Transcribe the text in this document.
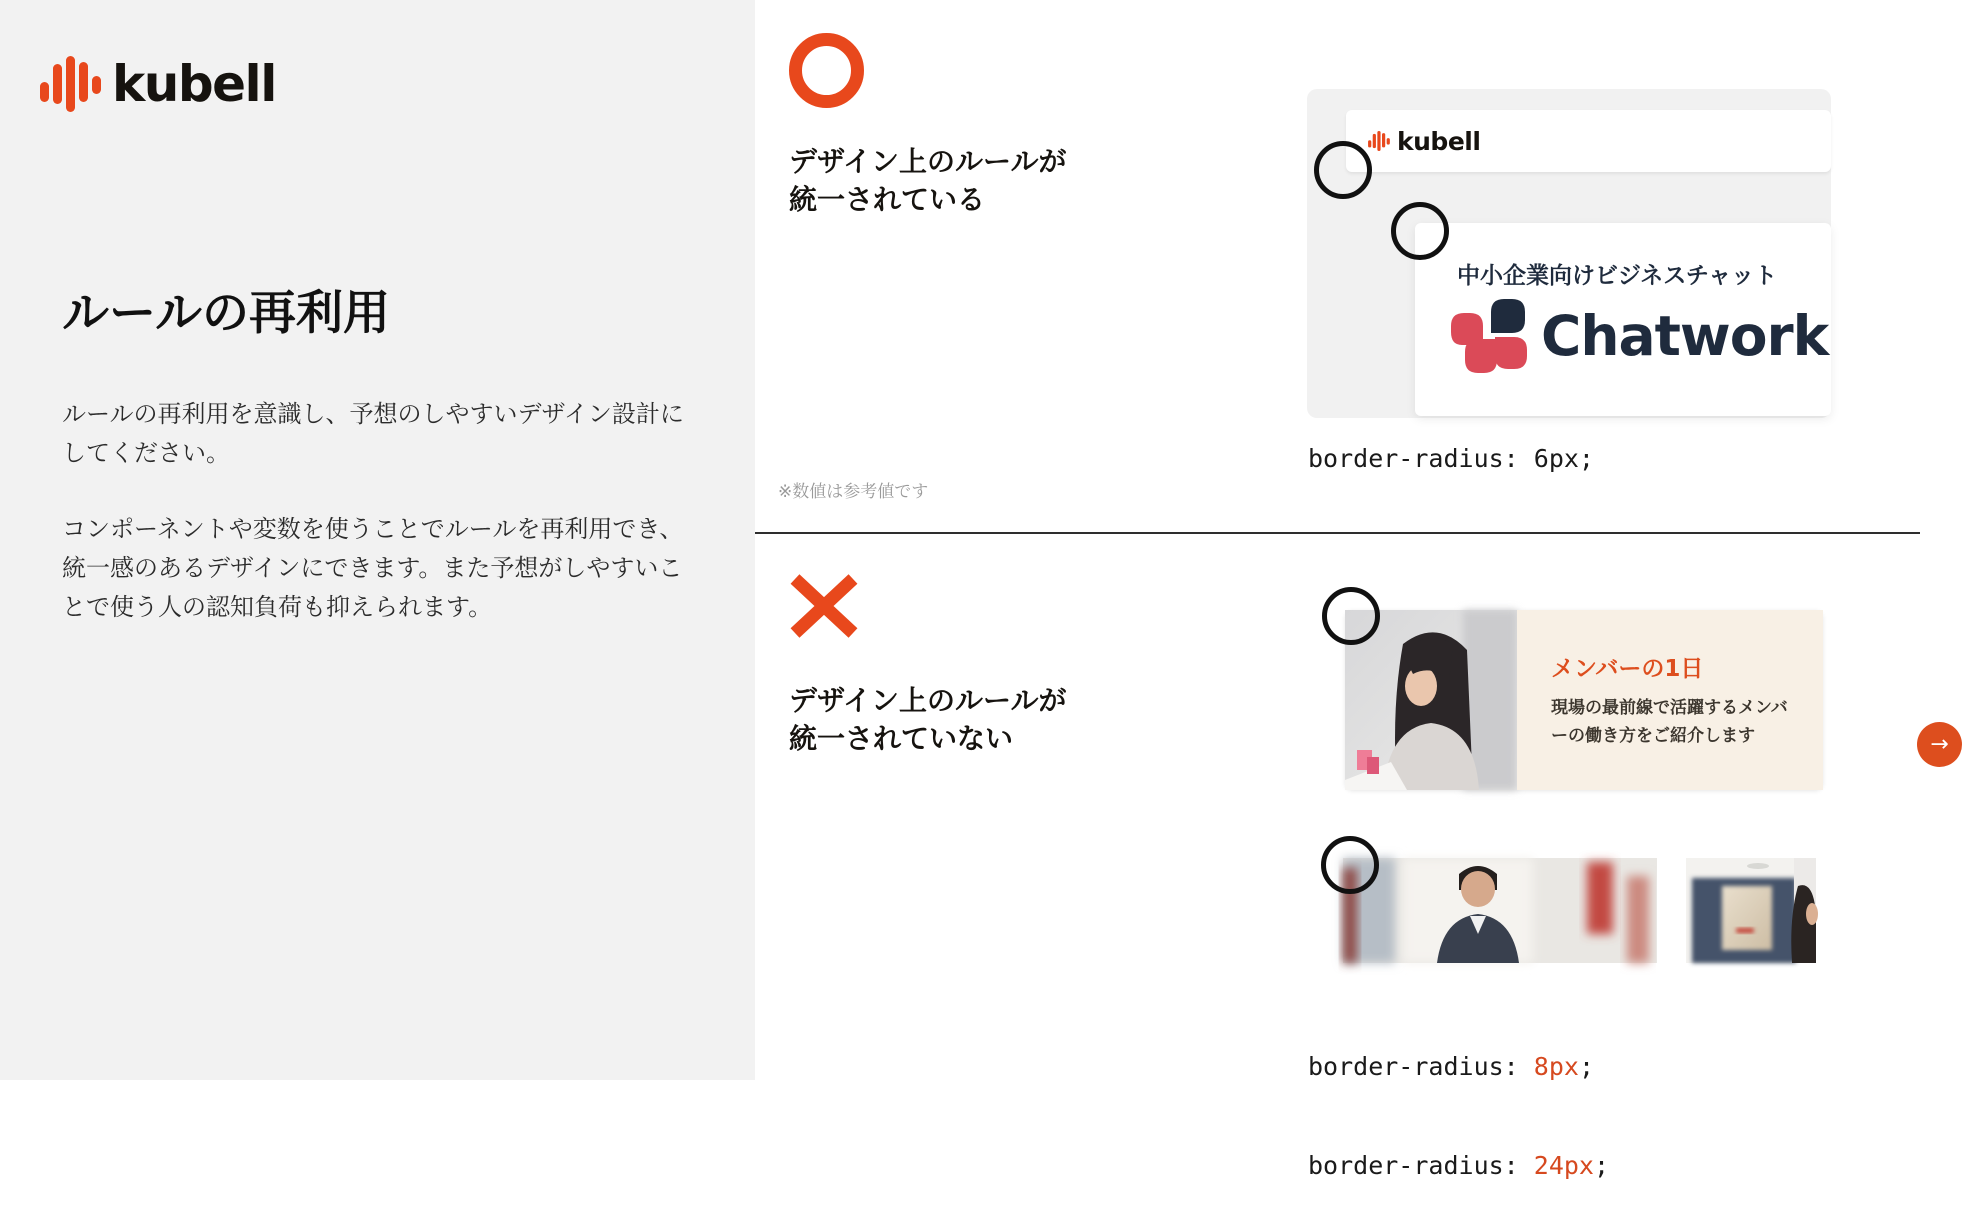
kubell
ルールの再利用

ルールの再利用を意識し、予想のしやすいデザイン設計にしてください。

コンポーネントや変数を使うことでルールを再利用でき、統一感のあるデザインにできます。また予想がしやすいことで使う人の認知負荷も抑えられます。

デザイン上のルールが
統一されている
kubell
中小企業向けビジネスチャット
Chatwork
※数値は参考値です
border-radius: 6px;
デザイン上のルールが
統一されていない
メンバーの1日
現場の最前線で活躍するメンバ
ーの働き方をご紹介します	→

border-radius: 8px;

border-radius: 24px;
